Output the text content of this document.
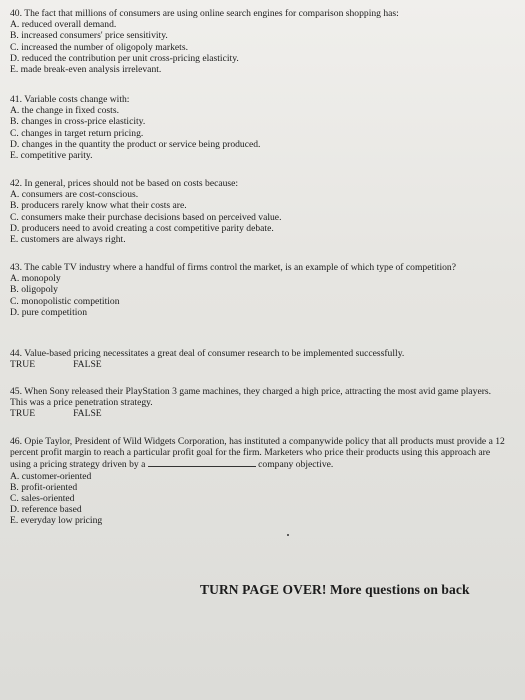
40. The fact that millions of consumers are using online search engines for comparison shopping has:
A. reduced overall demand.
B. increased consumers' price sensitivity.
C. increased the number of oligopoly markets.
D. reduced the contribution per unit cross-pricing elasticity.
E. made break-even analysis irrelevant.
41. Variable costs change with:
A. the change in fixed costs.
B. changes in cross-price elasticity.
C. changes in target return pricing.
D. changes in the quantity the product or service being produced.
E. competitive parity.
42. In general, prices should not be based on costs because:
A. consumers are cost-conscious.
B. producers rarely know what their costs are.
C. consumers make their purchase decisions based on perceived value.
D. producers need to avoid creating a cost competitive parity debate.
E. customers are always right.
43. The cable TV industry where a handful of firms control the market, is an example of which type of competition?
A. monopoly
B. oligopoly
C. monopolistic competition
D. pure competition
44. Value-based pricing necessitates a great deal of consumer research to be implemented successfully.
TRUE	FALSE
45. When Sony released their PlayStation 3 game machines, they charged a high price, attracting the most avid game players. This was a price penetration strategy.
TRUE	FALSE
46. Opie Taylor, President of Wild Widgets Corporation, has instituted a companywide policy that all products must provide a 12 percent profit margin to reach a particular profit goal for the firm. Marketers who price their products using this approach are using a pricing strategy driven by a	company objective.
A. customer-oriented
B. profit-oriented
C. sales-oriented
D. reference based
E. everyday low pricing
TURN PAGE OVER! More questions on back
